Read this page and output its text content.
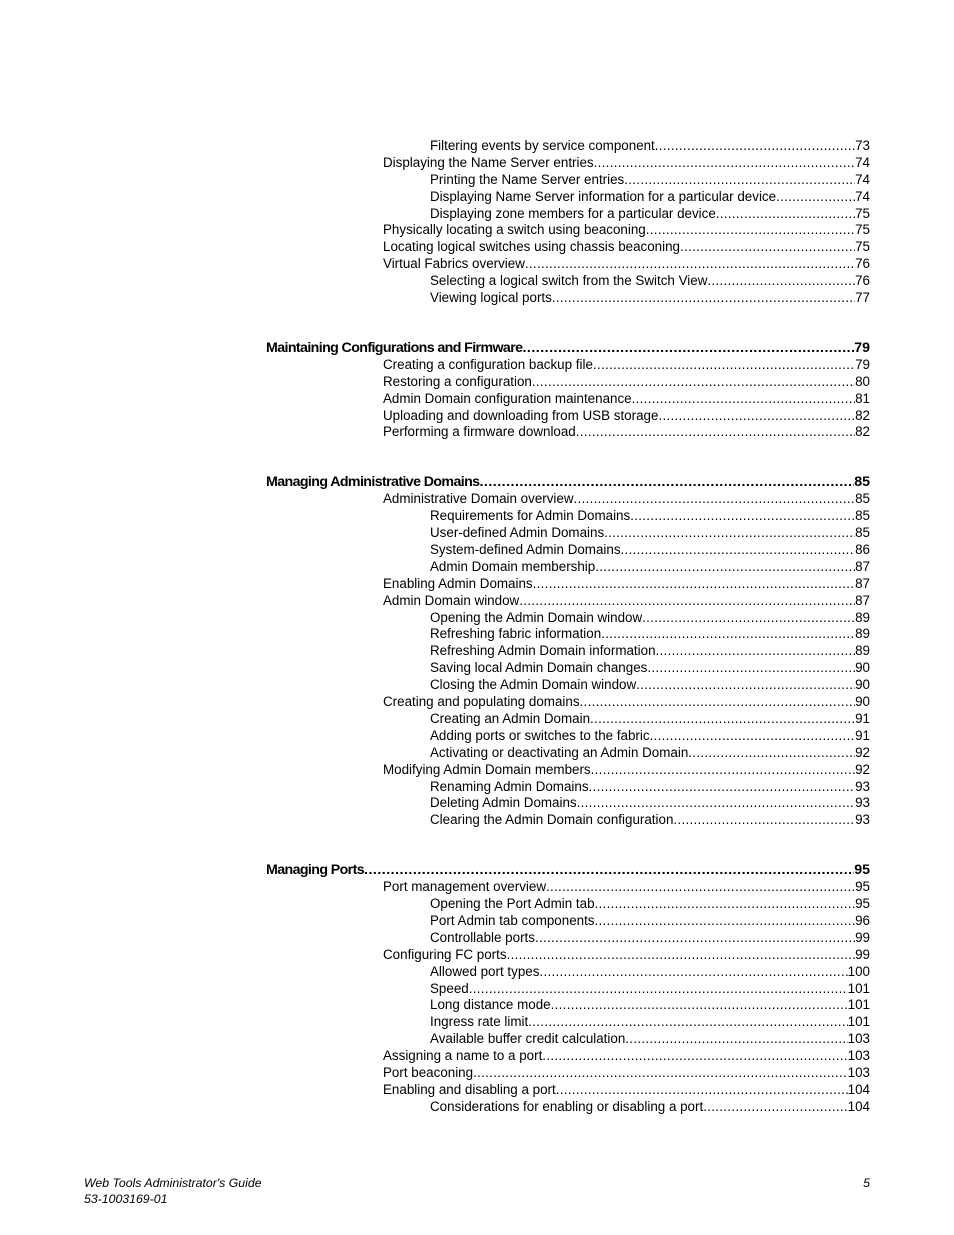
Filtering events by service component .....	73
Displaying the Name Server entries .....	74
Printing the Name Server entries .....	74
Displaying Name Server information for a particular device .....	74
Displaying zone members for a particular device .....	75
Physically locating a switch using beaconing .....	75
Locating logical switches using chassis beaconing .....	75
Virtual Fabrics overview .....	76
Selecting a logical switch from the Switch View .....	76
Viewing logical ports .....	77
Maintaining Configurations and Firmware .....	79
Creating a configuration backup file .....	79
Restoring a configuration .....	80
Admin Domain configuration maintenance .....	81
Uploading and downloading from USB storage .....	82
Performing a firmware download .....	82
Managing Administrative Domains .....	85
Administrative Domain overview .....	85
Requirements for Admin Domains .....	85
User-defined Admin Domains .....	85
System-defined Admin Domains .....	86
Admin Domain membership .....	87
Enabling Admin Domains .....	87
Admin Domain window .....	87
Opening the Admin Domain window .....	89
Refreshing fabric information .....	89
Refreshing Admin Domain information .....	89
Saving local Admin Domain changes .....	90
Closing the Admin Domain window .....	90
Creating and populating domains .....	90
Creating an Admin Domain .....	91
Adding ports or switches to the fabric .....	91
Activating or deactivating an Admin Domain .....	92
Modifying Admin Domain members .....	92
Renaming Admin Domains .....	93
Deleting Admin Domains .....	93
Clearing the Admin Domain configuration .....	93
Managing Ports .....	95
Port management overview .....	95
Opening the Port Admin tab .....	95
Port Admin tab components .....	96
Controllable ports .....	99
Configuring FC ports .....	99
Allowed port types .....	100
Speed .....	101
Long distance mode .....	101
Ingress rate limit .....	101
Available buffer credit calculation .....	103
Assigning a name to a port .....	103
Port beaconing .....	103
Enabling and disabling a port .....	104
Considerations for enabling or disabling a port .....	104
Web Tools Administrator's Guide
53-1003169-01
5
